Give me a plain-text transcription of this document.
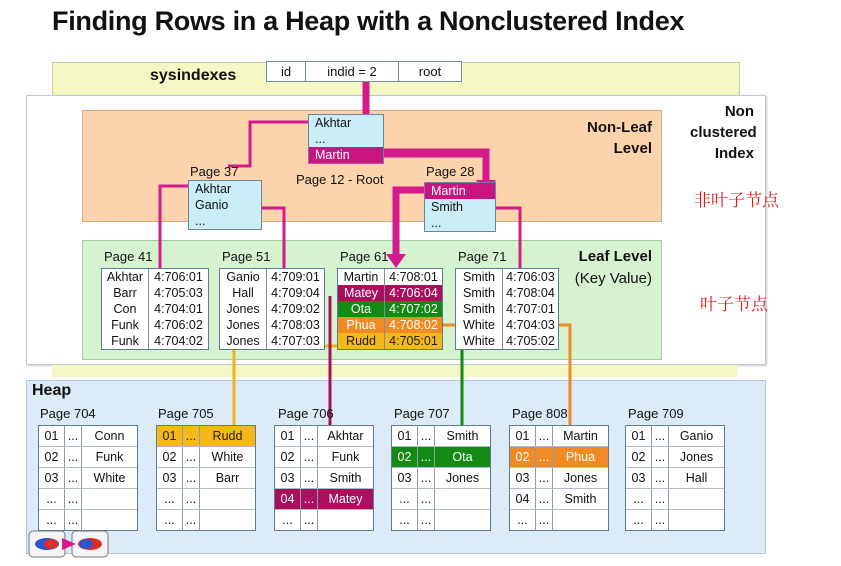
Finding Rows in a Heap with a Nonclustered Index
sysindexes	id	indid = 2	root
Non
clustered
Index
Non-Leaf
Level
Leaf Level
(Key Value)
非叶子节点
叶子节点
Heap
Akhtar
...
Martin
Page 12 - Root
Page 37
Akhtar
Ganio
...
Page 28
Martin
Smith
...
Page 41
Akhtar 4:706:01
Barr	4:705:03
Con	4:704:01
Funk	4:706:02
Funk	4:704:02
Page 51
Ganio 4:709:01
Hall	4:709:04
Jones 4:709:02
Jones 4:708:03
Jones 4:707:03
Page 61
Martin 4:708:01
Matey 4:706:04
Ota	4:707:02
Phua	4:708:02
Rudd	4:705:01
Page 71
Smith 4:706:03
Smith 4:708:04
Smith 4:707:01
White 4:704:03
White 4:705:02
Page 704
01 ...	Conn
02 ...	Funk
03 ...	White
... ...
... ...
Page 705
01 ...	Rudd
02 ...	White
03 ...	Barr
... ...
... ...
Page 706
01 ...	Akhtar
02 ...	Funk
03 ...	Smith
04 ...	Matey
... ...
Page 707
01 ...	Smith
02 ...	Ota
03 ...	Jones
... ...
... ...
Page 808
01 ...	Martin
02 ...	Phua
03 ...	Jones
04 ...	Smith
... ...
Page 709
01 ...	Ganio
02 ...	Jones
03 ...	Hall
... ...
... ...
